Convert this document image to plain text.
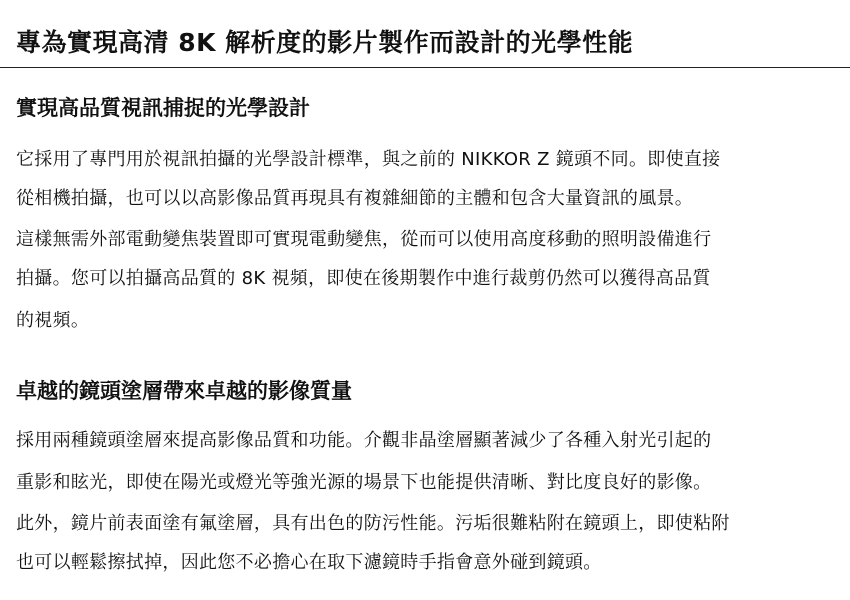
專為實現高清 8K 解析度的影片製作而設計的光學性能
實現高品質視訊捕捉的光學設計

它採用了專門用於視訊拍攝的光學設計標準，與之前的 NIKKOR Z 鏡頭不同。即使直接

從相機拍攝，也可以以高影像品質再現具有複雜細節的主體和包含大量資訊的風景。

這樣無需外部電動變焦裝置即可實現電動變焦，從而可以使用高度移動的照明設備進行

拍攝。您可以拍攝高品質的 8K 視頻，即使在後期製作中進行裁剪仍然可以獲得高品質

的視頻。

卓越的鏡頭塗層帶來卓越的影像質量

採用兩種鏡頭塗層來提高影像品質和功能。介觀非晶塗層顯著減少了各種入射光引起的

重影和眩光，即使在陽光或燈光等強光源的場景下也能提供清晰、對比度良好的影像。

此外，鏡片前表面塗有氟塗層，具有出色的防污性能。污垢很難粘附在鏡頭上，即使粘附

也可以輕鬆擦拭掉，因此您不必擔心在取下濾鏡時手指會意外碰到鏡頭。
